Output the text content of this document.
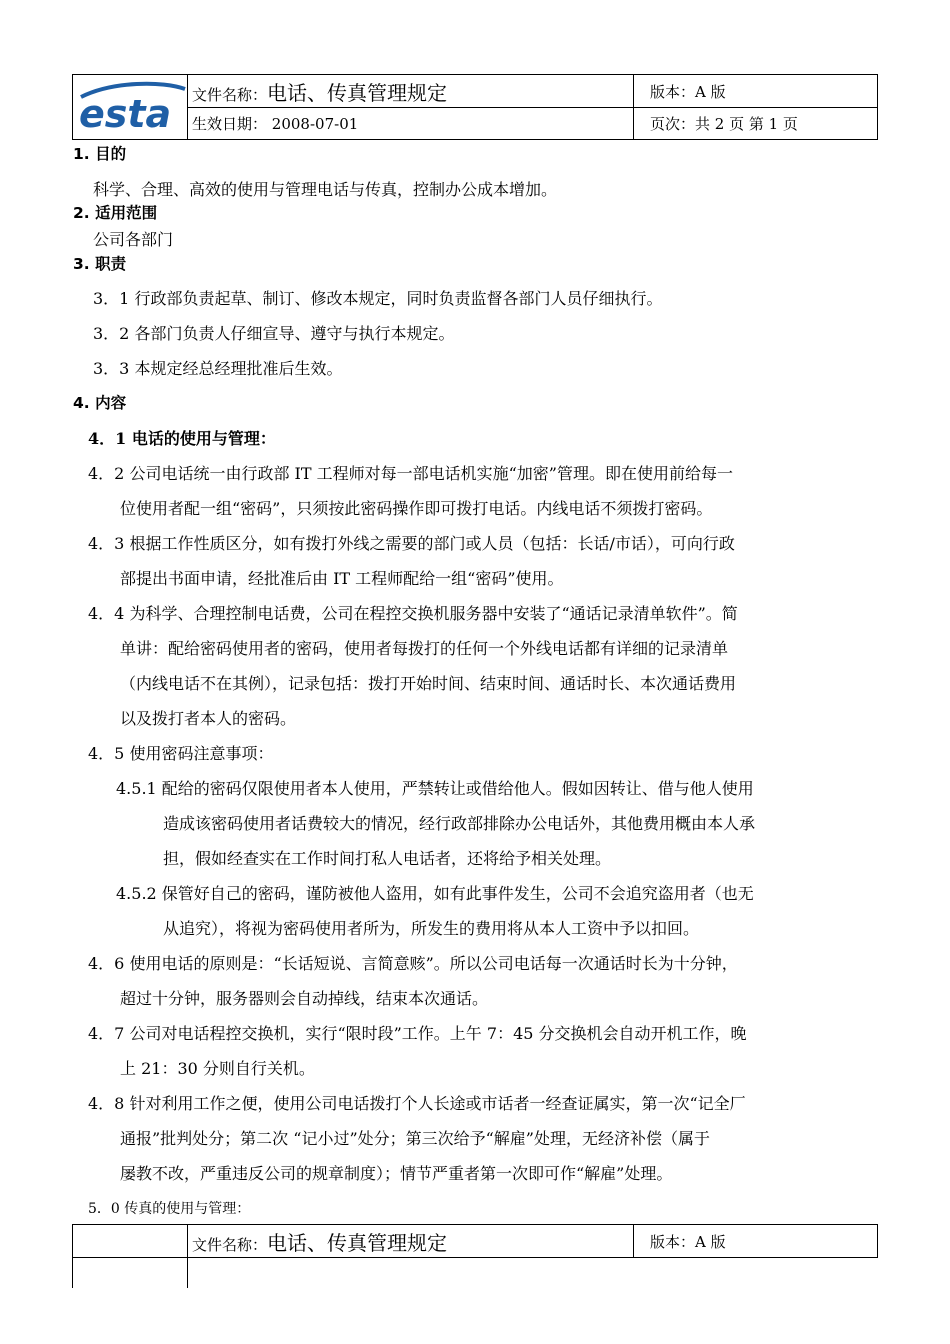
esta	文件名称：电话、传真管理规定	版本：A 版
	生效日期： 2008-07-01	页次：共 2 页 第 1 页
1. 目的
科学、合理、高效的使用与管理电话与传真，控制办公成本增加。
2. 适用范围
公司各部门
3. 职责
3．1 行政部负责起草、制订、修改本规定，同时负责监督各部门人员仔细执行。
3．2 各部门负责人仔细宣导、遵守与执行本规定。
3．3 本规定经总经理批准后生效。
4. 内容
4．1 电话的使用与管理：
4．2 公司电话统一由行政部 IT 工程师对每一部电话机实施“加密”管理。即在使用前给每一
位使用者配一组“密码”，只须按此密码操作即可拨打电话。内线电话不须拨打密码。
4．3 根据工作性质区分，如有拨打外线之需要的部门或人员（包括：长话/市话），可向行政
部提出书面申请，经批准后由 IT 工程师配给一组“密码”使用。
4．4 为科学、合理控制电话费，公司在程控交换机服务器中安装了“通话记录清单软件”。简
单讲：配给密码使用者的密码，使用者每拨打的任何一个外线电话都有详细的记录清单
（内线电话不在其例），记录包括：拨打开始时间、结束时间、通话时长、本次通话费用
以及拨打者本人的密码。
4．5 使用密码注意事项：
4.5.1 配给的密码仅限使用者本人使用，严禁转让或借给他人。假如因转让、借与他人使用
造成该密码使用者话费较大的情况，经行政部排除办公电话外，其他费用概由本人承
担，假如经查实在工作时间打私人电话者，还将给予相关处理。
4.5.2 保管好自己的密码，谨防被他人盗用，如有此事件发生，公司不会追究盗用者（也无
从追究），将视为密码使用者所为，所发生的费用将从本人工资中予以扣回。
4．6 使用电话的原则是：“长话短说、言简意赅”。所以公司电话每一次通话时长为十分钟，
超过十分钟，服务器则会自动掉线，结束本次通话。
4．7 公司对电话程控交换机，实行“限时段”工作。上午 7：45 分交换机会自动开机工作，晚
上 21：30 分则自行关机。
4．8 针对利用工作之便，使用公司电话拨打个人长途或市话者一经查证属实，第一次“记全厂
通报”批判处分；第二次 “记小过”处分；第三次给予“解雇”处理，无经济补偿（属于
屡教不改，严重违反公司的规章制度）；情节严重者第一次即可作“解雇”处理。
5．0 传真的使用与管理：
	文件名称：电话、传真管理规定	版本：A 版
